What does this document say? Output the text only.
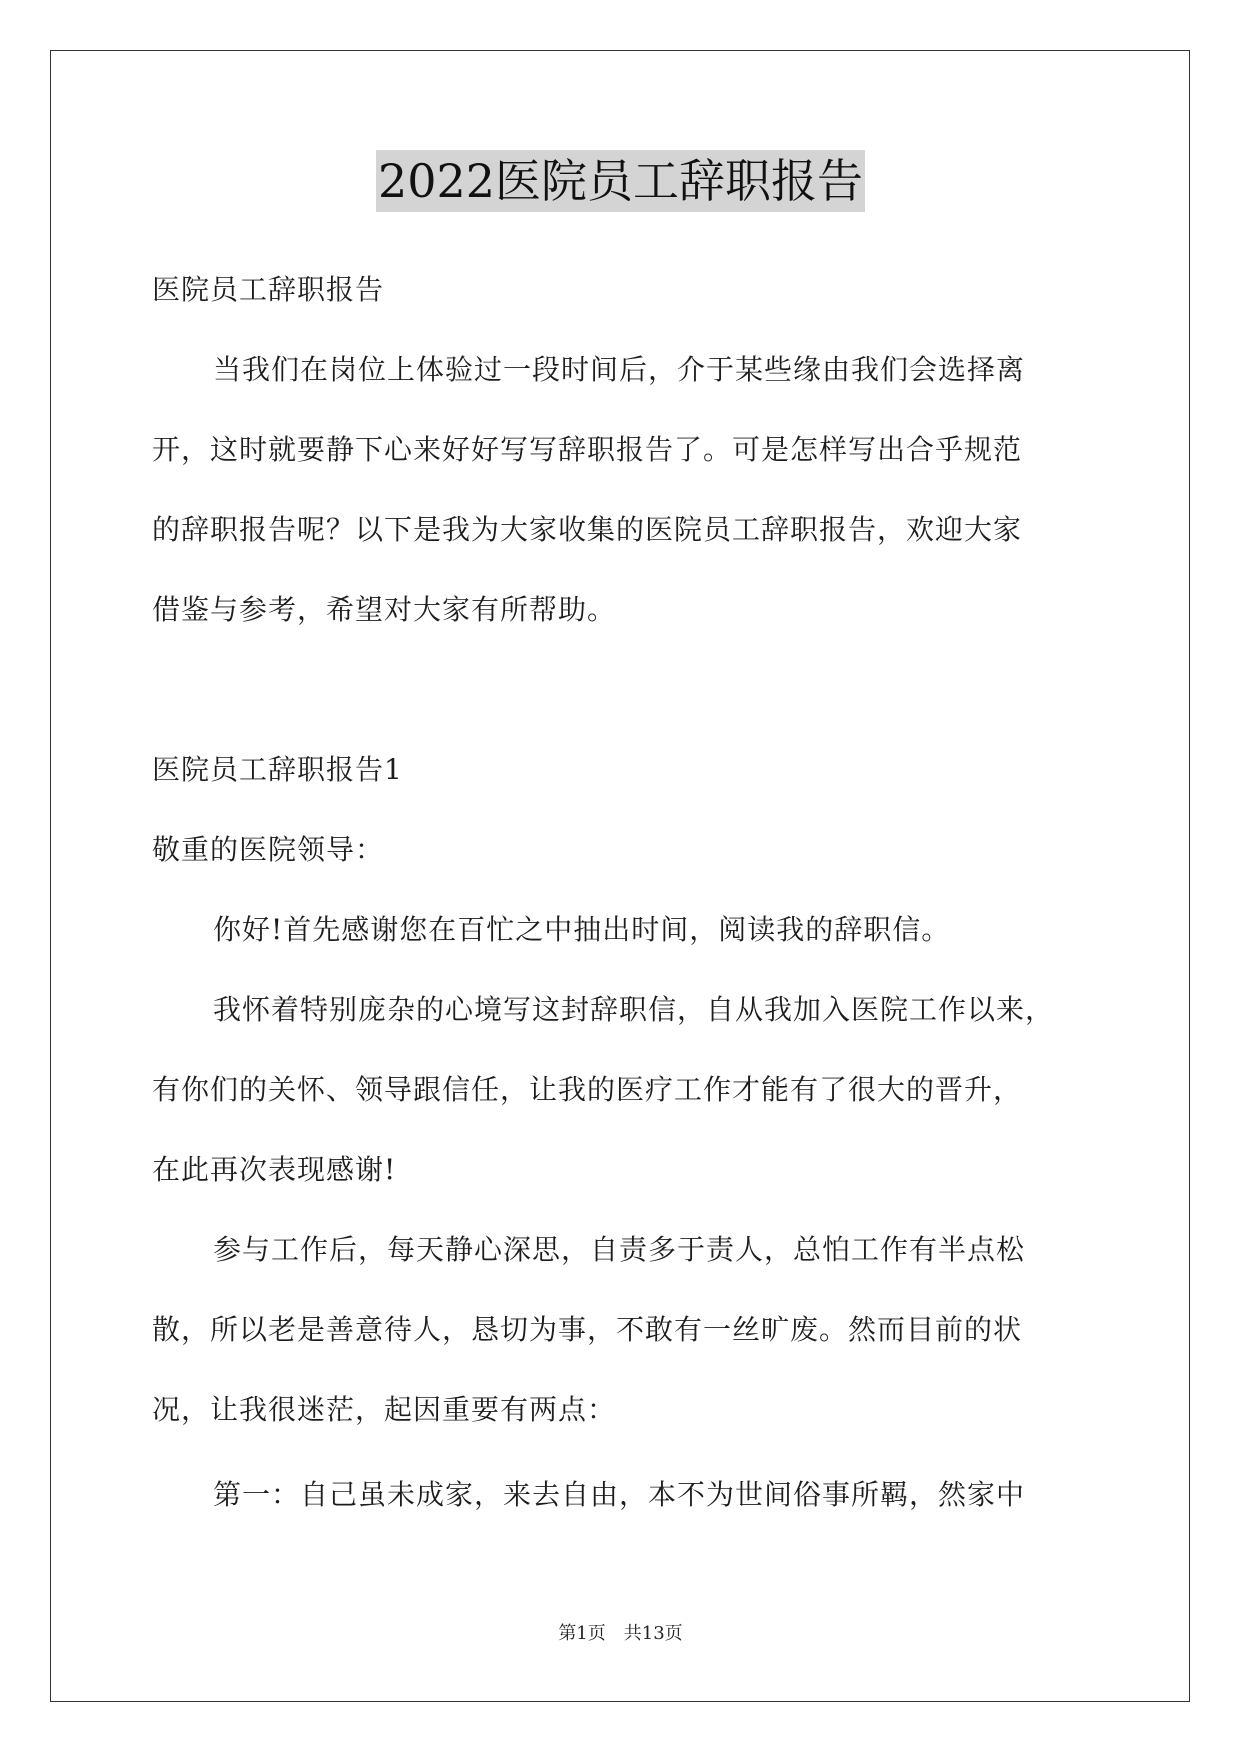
2022医院员工辞职报告
医院员工辞职报告
当我们在岗位上体验过一段时间后，介于某些缘由我们会选择离
开，这时就要静下心来好好写写辞职报告了。可是怎样写出合乎规范
的辞职报告呢？以下是我为大家收集的医院员工辞职报告，欢迎大家
借鉴与参考，希望对大家有所帮助。
医院员工辞职报告1
敬重的医院领导：
你好!首先感谢您在百忙之中抽出时间，阅读我的辞职信。
我怀着特别庞杂的心境写这封辞职信，自从我加入医院工作以来，
有你们的关怀、领导跟信任，让我的医疗工作才能有了很大的晋升，
在此再次表现感谢!
参与工作后，每天静心深思，自责多于责人，总怕工作有半点松
散，所以老是善意待人，恳切为事，不敢有一丝旷废。然而目前的状
况，让我很迷茫，起因重要有两点：
第一：自己虽未成家，来去自由，本不为世间俗事所羁，然家中
第1页　共13页
